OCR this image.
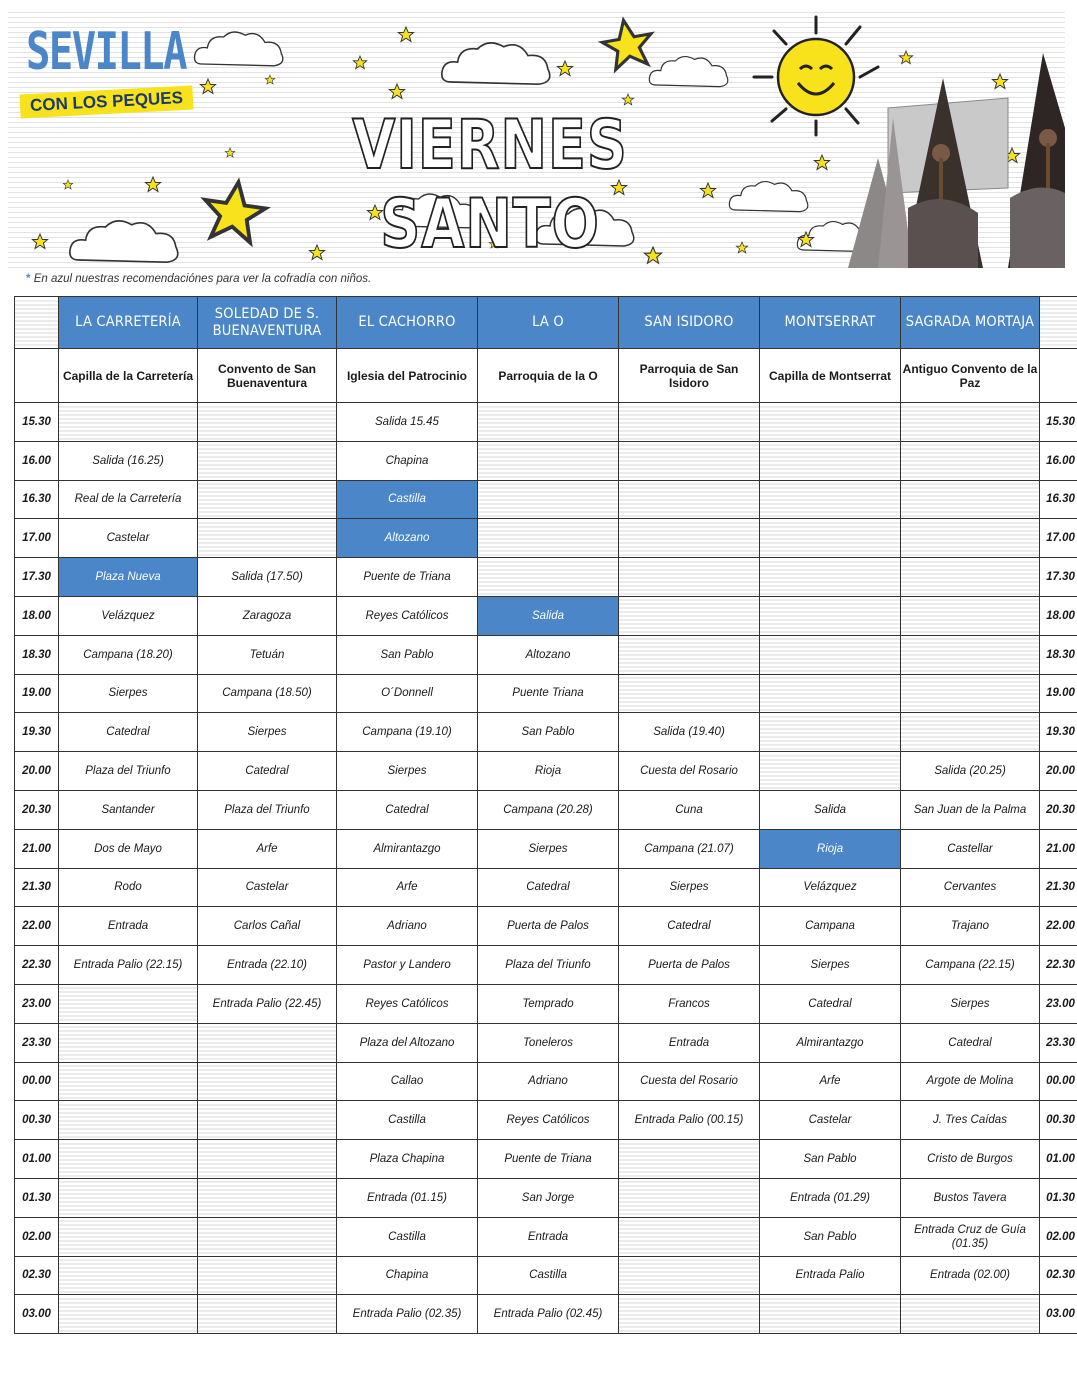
SEVILLA
CON LOS PEQUES
VIERNES SANTO
* En azul nuestras recomendaciónes para ver la cofradía con niños.
	LA CARRETERÍA	SOLEDAD DE S. BUENAVENTURA	EL CACHORRO	LA O	SAN ISIDORO	MONTSERRAT	SAGRADA MORTAJA	
	Capilla de la Carretería	Convento de San Buenaventura	Iglesia del Patrocinio	Parroquia de la O	Parroquia de San Isidoro	Capilla de Montserrat	Antiguo Convento de la Paz	
15.30			Salida 15.45					15.30
16.00	Salida (16.25)		Chapina					16.00
16.30	Real de la Carretería		Castilla					16.30
17.00	Castelar		Altozano					17.00
17.30	Plaza Nueva	Salida (17.50)	Puente de Triana					17.30
18.00	Velázquez	Zaragoza	Reyes Católicos	Salida				18.00
18.30	Campana (18.20)	Tetuán	San Pablo	Altozano				18.30
19.00	Sierpes	Campana (18.50)	O´Donnell	Puente Triana				19.00
19.30	Catedral	Sierpes	Campana (19.10)	San Pablo	Salida (19.40)			19.30
20.00	Plaza del Triunfo	Catedral	Sierpes	Rioja	Cuesta del Rosario		Salida (20.25)	20.00
20.30	Santander	Plaza del Triunfo	Catedral	Campana (20.28)	Cuna	Salida	San Juan de la Palma	20.30
21.00	Dos de Mayo	Arfe	Almirantazgo	Sierpes	Campana (21.07)	Rioja	Castellar	21.00
21.30	Rodo	Castelar	Arfe	Catedral	Sierpes	Velázquez	Cervantes	21.30
22.00	Entrada	Carlos Cañal	Adriano	Puerta de Palos	Catedral	Campana	Trajano	22.00
22.30	Entrada Palio (22.15)	Entrada (22.10)	Pastor y Landero	Plaza del Triunfo	Puerta de Palos	Sierpes	Campana (22.15)	22.30
23.00		Entrada Palio (22.45)	Reyes Católicos	Temprado	Francos	Catedral	Sierpes	23.00
23.30			Plaza del Altozano	Toneleros	Entrada	Almirantazgo	Catedral	23.30
00.00			Callao	Adriano	Cuesta del Rosario	Arfe	Argote de Molina	00.00
00.30			Castilla	Reyes Católicos	Entrada Palio (00.15)	Castelar	J. Tres Caídas	00.30
01.00			Plaza Chapina	Puente de Triana		San Pablo	Cristo de Burgos	01.00
01.30			Entrada (01.15)	San Jorge		Entrada (01.29)	Bustos Tavera	01.30
02.00			Castilla	Entrada		San Pablo	Entrada Cruz de Guía (01.35)	02.00
02.30			Chapina	Castilla		Entrada Palio	Entrada (02.00)	02.30
03.00			Entrada Palio (02.35)	Entrada Palio (02.45)				03.00
